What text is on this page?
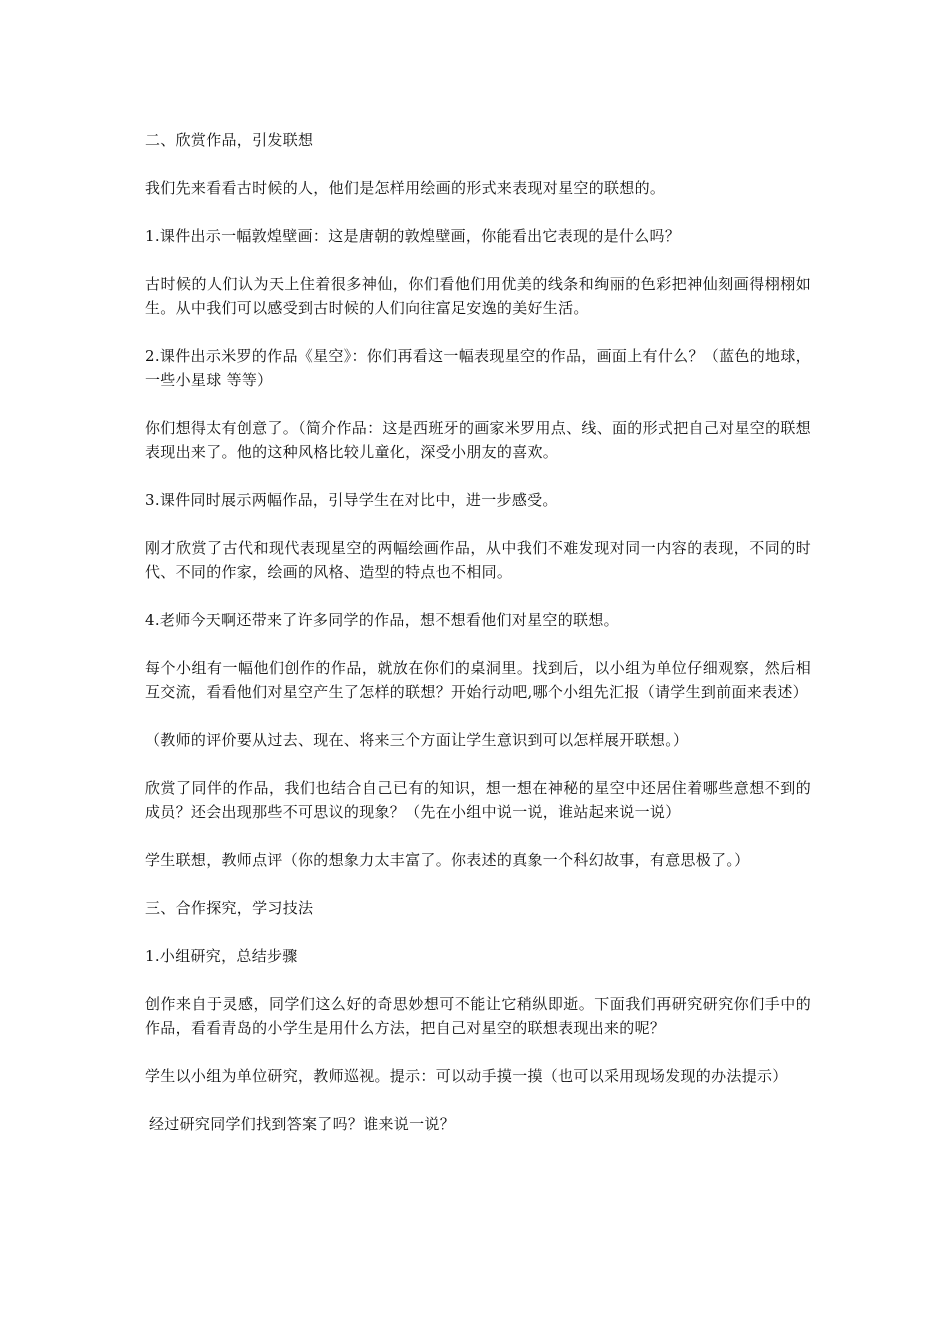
二、欣赏作品，引发联想

我们先来看看古时候的人，他们是怎样用绘画的形式来表现对星空的联想的。

1.课件出示一幅敦煌壁画：这是唐朝的敦煌壁画，你能看出它表现的是什么吗？

古时候的人们认为天上住着很多神仙，你们看他们用优美的线条和绚丽的色彩把神仙刻画得栩栩如生。从中我们可以感受到古时候的人们向往富足安逸的美好生活。

2.课件出示米罗的作品《星空》：你们再看这一幅表现星空的作品，画面上有什么？（蓝色的地球，一些小星球 等等）

你们想得太有创意了。（简介作品：这是西班牙的画家米罗用点、线、面的形式把自己对星空的联想表现出来了。他的这种风格比较儿童化，深受小朋友的喜欢。

3.课件同时展示两幅作品，引导学生在对比中，进一步感受。

刚才欣赏了古代和现代表现星空的两幅绘画作品，从中我们不难发现对同一内容的表现，不同的时代、不同的作家，绘画的风格、造型的特点也不相同。

4.老师今天啊还带来了许多同学的作品，想不想看他们对星空的联想。

每个小组有一幅他们创作的作品，就放在你们的桌洞里。找到后，以小组为单位仔细观察，然后相互交流，看看他们对星空产生了怎样的联想？开始行动吧,哪个小组先汇报（请学生到前面来表述）

（教师的评价要从过去、现在、将来三个方面让学生意识到可以怎样展开联想。）

欣赏了同伴的作品，我们也结合自己已有的知识，想一想在神秘的星空中还居住着哪些意想不到的成员？还会出现那些不可思议的现象？（先在小组中说一说，谁站起来说一说）

学生联想，教师点评（你的想象力太丰富了。你表述的真象一个科幻故事，有意思极了。）

三、合作探究，学习技法

1.小组研究，总结步骤

创作来自于灵感，同学们这么好的奇思妙想可不能让它稍纵即逝。下面我们再研究研究你们手中的作品，看看青岛的小学生是用什么方法，把自己对星空的联想表现出来的呢？

学生以小组为单位研究，教师巡视。提示：可以动手摸一摸（也可以采用现场发现的办法提示）

经过研究同学们找到答案了吗？谁来说一说？
